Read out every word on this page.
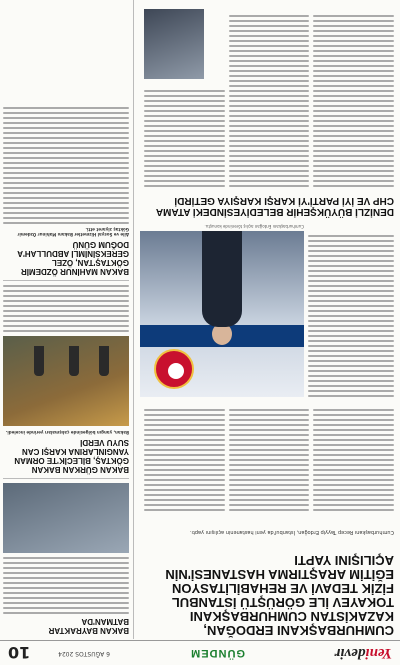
Yenidevir
GÜNDEM
6 AĞUSTOS 2024
10
CUMHURBAŞKANI ERDOĞAN, KAZAKİSTAN CUMHURBAŞKANI TOKAYEV İLE GÖRÜŞTÜ İSTANBUL FİZİK TEDAVİ VE REHABİLİTASYON EĞİTİM ARAŞTIRMA HASTANESİ'NİN AÇILIŞINI YAPTI
Cumhurbaşkanı Recep Tayyip Erdoğan, İstanbul'da yeni hastanenin açılışını yaptı.
Cumhurbaşkanı Erdoğan açılış töreninde konuştu.
DENİZLİ BÜYÜKŞEHİR BELEDİYESİNDEKİ ATAMA CHP VE İYİ PARTİ'Yİ KARŞI KARŞIYA GETİRDİ
BAKAN BAYRAKTAR BATMAN'DA
BAKAN GÜRKAN BAKAN GÖKTAŞ, BİLECİK'TE ORMAN YANGINLARINA KARŞI CAN SUYU VERDİ
Bakan, yangın bölgesinde çalışmaları yerinde inceledi.
BAKAN MAHİNUR ÖZDEMİR GÖKTAŞ'TAN, ÖZEL GEREKSİNİMLİ ABDULLAH'A DOĞUM GÜNÜ
Aile ve Sosyal Hizmetler Bakanı Mahinur Özdemir Göktaş ziyaret etti.
